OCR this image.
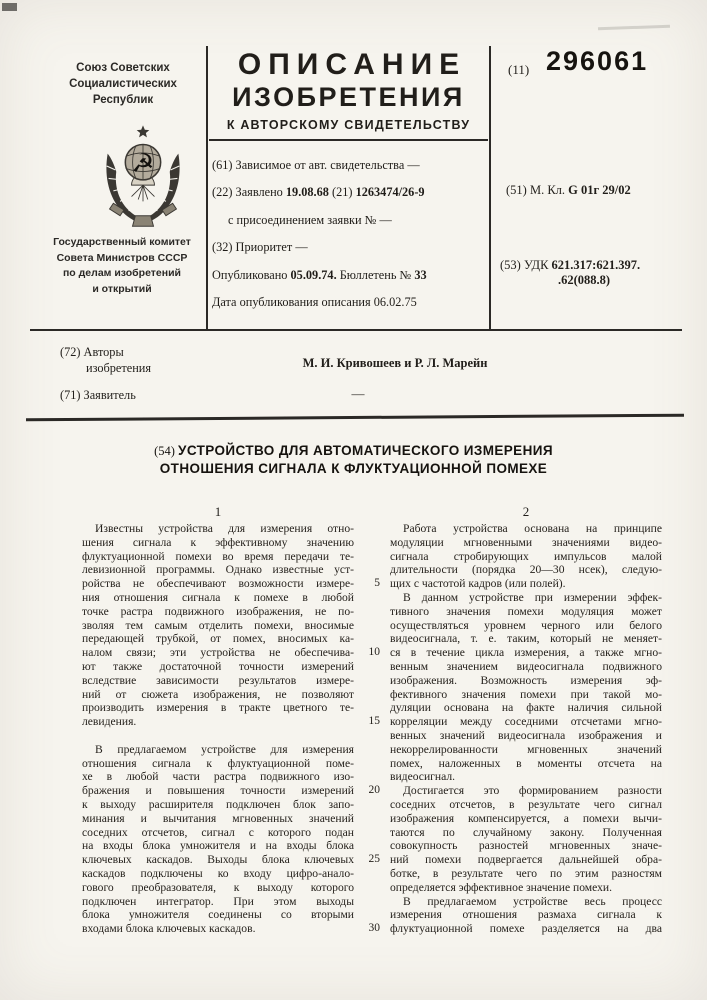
Союз Советских
Социалистических
Республик
☭
Государственный комитет
Совета Министров СССР
по делам изобретений
и открытий
ОПИСАНИЕ
ИЗОБРЕТЕНИЯ
К АВТОРСКОМУ СВИДЕТЕЛЬСТВУ
(61) Зависимое от авт. свидетельства —
(22) Заявлено 19.08.68 (21) 1263474/26-9
с присоединением заявки № —
(32) Приоритет —
Опубликовано 05.09.74. Бюллетень № 33
Дата опубликования описания 06.02.75
(11) 296061
(51) М. Кл. G 01г 29/02
(53) УДК 621.317:621.397.
.62(088.8)
(72) Авторы
изобретения	М. И. Кривошеев и Р. Л. Марейн
(71) Заявитель	—
(54) УСТРОЙСТВО ДЛЯ АВТОМАТИЧЕСКОГО ИЗМЕРЕНИЯ
ОТНОШЕНИЯ СИГНАЛА К ФЛУКТУАЦИОННОЙ ПОМЕХЕ
1	2
Известны устройства для измерения отно-
шения сигнала к эффективному значению
флуктуационной помехи во время передачи те-
левизионной программы. Однако известные уст-
ройства не обеспечивают возможности измере-
ния отношения сигнала к помехе в любой
точке растра подвижного изображения, не по-
зволяя тем самым отделить помехи, вносимые
передающей трубкой, от помех, вносимых ка-
налом связи; эти устройства не обеспечива-
ют также достаточной точности измерений
вследствие зависимости результатов измере-
ний от сюжета изображения, не позволяют
производить измерения в тракте цветного те-
левидения.

В предлагаемом устройстве для измерения
отношения сигнала к флуктуационной поме-
хе в любой части растра подвижного изо-
бражения и повышения точности измерений
к выходу расширителя подключен блок запо-
минания и вычитания мгновенных значений
соседних отсчетов, сигнал с которого подан
на входы блока умножителя и на входы блока
ключевых каскадов. Выходы блока ключевых
каскадов подключены ко входу цифро-анало-
гового преобразователя, к выходу которого
подключен интегратор. При этом выходы
блока умножителя соединены со вторыми
входами блока ключевых каскадов.

5

10

15

20

25

30
Работа устройства основана на принципе
модуляции мгновенными значениями видео-
сигнала стробирующих импульсов малой
длительности (порядка 20—30 нсек), следую-
щих с частотой кадров (или полей).
В данном устройстве при измерении эффек-
тивного значения помехи модуляция может
осуществляться уровнем черного или белого
видеосигнала, т. е. таким, который не меняет-
ся в течение цикла измерения, а также мгно-
венным значением видеосигнала подвижного
изображения. Возможность измерения эф-
фективного значения помехи при такой мо-
дуляции основана на факте наличия сильной
корреляции между соседними отсчетами мгно-
венных значений видеосигнала изображения и
некоррелированности мгновенных значений
помех, наложенных в моменты отсчета на
видеосигнал.
Достигается это формированием разности
соседних отсчетов, в результате чего сигнал
изображения компенсируется, а помехи вычи-
таются по случайному закону. Полученная
совокупность разностей мгновенных значе-
ний помехи подвергается дальнейшей обра-
ботке, в результате чего по этим разностям
определяется эффективное значение помехи.
В предлагаемом устройстве весь процесс
измерения отношения размаха сигнала к
флуктуационной помехе разделяется на два
